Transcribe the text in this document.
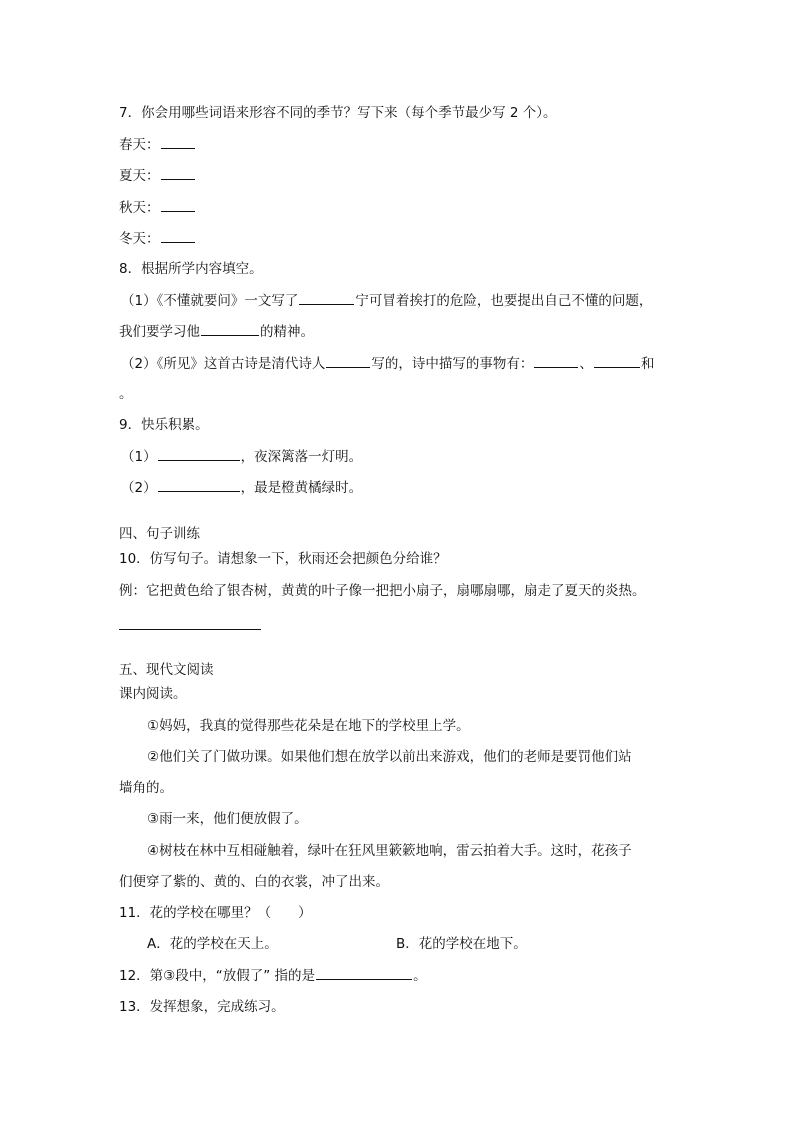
7．你会用哪些词语来形容不同的季节？写下来（每个季节最少写 2 个）。
春天：
夏天：
秋天：
冬天：
8．根据所学内容填空。
（1）《不懂就要问》一文写了	宁可冒着挨打的危险，也要提出自己不懂的问题，
我们要学习他	的精神。
（2）《所见》这首古诗是清代诗人	写的，诗中描写的事物有：	、	和
。
9．快乐积累。
（1）	，夜深篱落一灯明。
（2）	，最是橙黄橘绿时。
四、句子训练
10．仿写句子。请想象一下，秋雨还会把颜色分给谁？
例：它把黄色给了银杏树，黄黄的叶子像一把把小扇子，扇哪扇哪，扇走了夏天的炎热。
五、现代文阅读
课内阅读。
①妈妈，我真的觉得那些花朵是在地下的学校里上学。
②他们关了门做功课。如果他们想在放学以前出来游戏，他们的老师是要罚他们站
墙角的。
③雨一来，他们便放假了。
④树枝在林中互相碰触着，绿叶在狂风里簌簌地响，雷云拍着大手。这时，花孩子
们便穿了紫的、黄的、白的衣裳，冲了出来。
11．花的学校在哪里？（　　）
A．花的学校在天上。	B．花的学校在地下。
12．第③段中，“放假了” 指的是	。
13．发挥想象，完成练习。
